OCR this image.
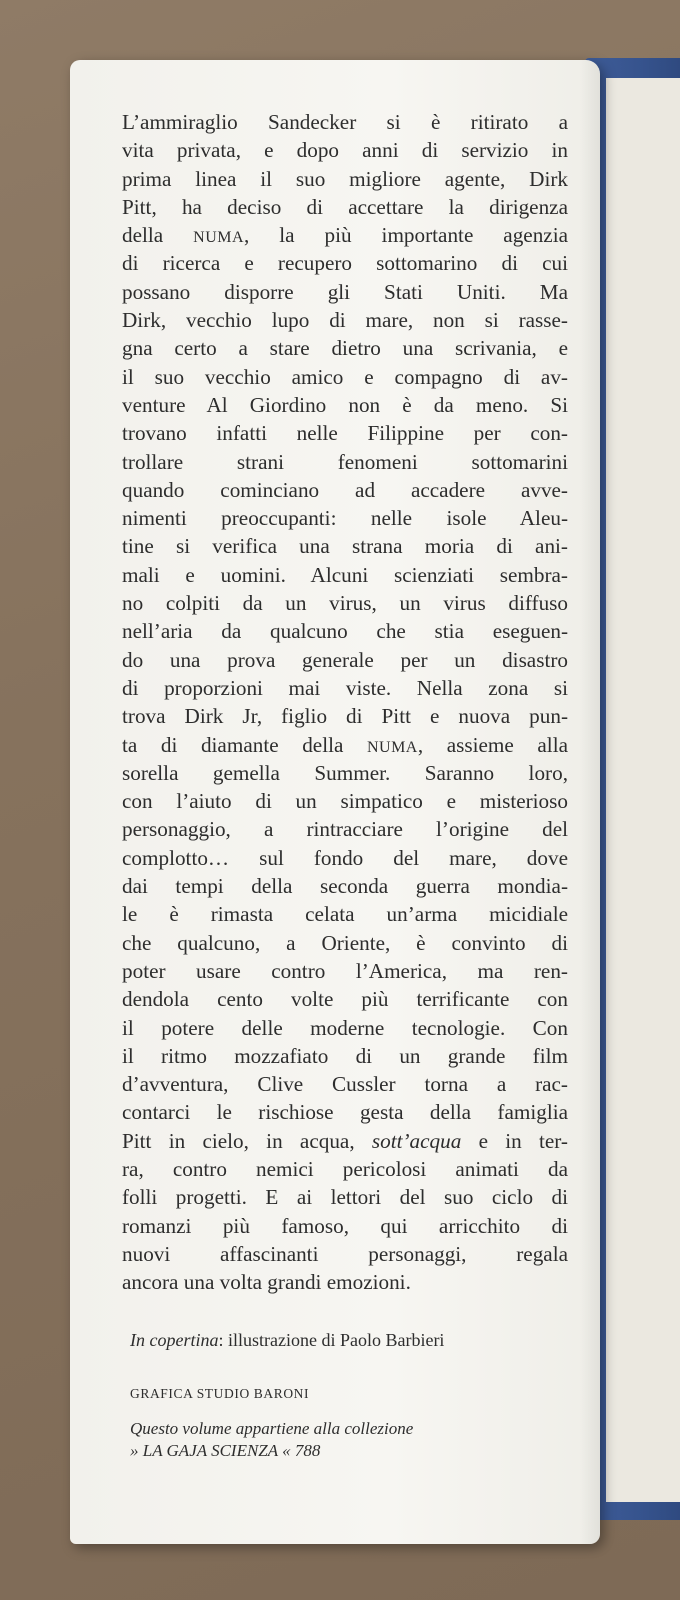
L’ammiraglio Sandecker si è ritirato a
vita privata, e dopo anni di servizio in
prima linea il suo migliore agente, Dirk
Pitt, ha deciso di accettare la dirigenza
della NUMA, la più importante agenzia
di ricerca e recupero sottomarino di cui
possano disporre gli Stati Uniti. Ma
Dirk, vecchio lupo di mare, non si rasse-
gna certo a stare dietro una scrivania, e
il suo vecchio amico e compagno di av-
venture Al Giordino non è da meno. Si
trovano infatti nelle Filippine per con-
trollare strani fenomeni sottomarini
quando cominciano ad accadere avve-
nimenti preoccupanti: nelle isole Aleu-
tine si verifica una strana moria di ani-
mali e uomini. Alcuni scienziati sembra-
no colpiti da un virus, un virus diffuso
nell’aria da qualcuno che stia eseguen-
do una prova generale per un disastro
di proporzioni mai viste. Nella zona si
trova Dirk Jr, figlio di Pitt e nuova pun-
ta di diamante della NUMA, assieme alla
sorella gemella Summer. Saranno loro,
con l’aiuto di un simpatico e misterioso
personaggio, a rintracciare l’origine del
complotto… sul fondo del mare, dove
dai tempi della seconda guerra mondia-
le è rimasta celata un’arma micidiale
che qualcuno, a Oriente, è convinto di
poter usare contro l’America, ma ren-
dendola cento volte più terrificante con
il potere delle moderne tecnologie. Con
il ritmo mozzafiato di un grande film
d’avventura, Clive Cussler torna a rac-
contarci le rischiose gesta della famiglia
Pitt in cielo, in acqua, sott’acqua e in ter-
ra, contro nemici pericolosi animati da
folli progetti. E ai lettori del suo ciclo di
romanzi più famoso, qui arricchito di
nuovi affascinanti personaggi, regala
ancora una volta grandi emozioni.
In copertina: illustrazione di Paolo Barbieri
GRAFICA STUDIO BARONI
Questo volume appartiene alla collezione
» LA GAJA SCIENZA « 788
